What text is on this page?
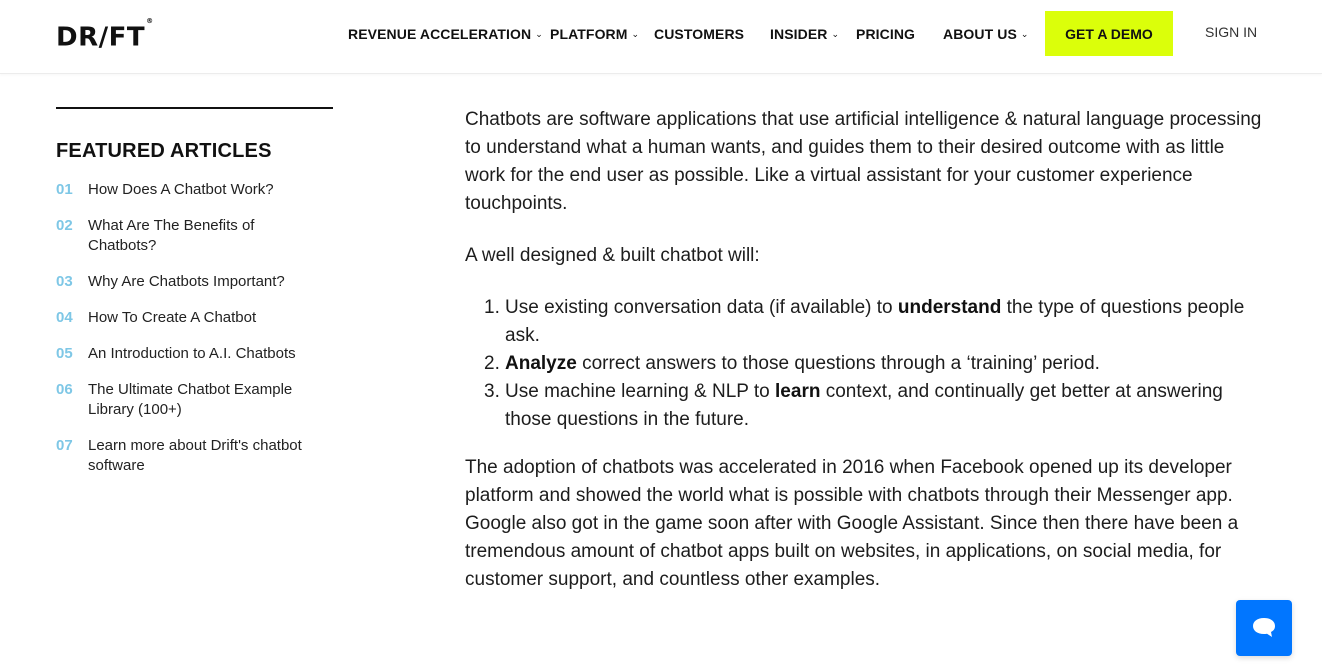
DR∕FT®
REVENUE ACCELERATION ⌄ PLATFORM ⌄ CUSTOMERS INSIDER ⌄ PRICING ABOUT US ⌄	GET A DEMO	SIGN IN
FEATURED ARTICLES
01	How Does A Chatbot Work?
02	What Are The Benefits of Chatbots?
03	Why Are Chatbots Important?
04	How To Create A Chatbot
05	An Introduction to A.I. Chatbots
06	The Ultimate Chatbot Example Library (100+)
07	Learn more about Drift's chatbot software

Chatbots are software applications that use artificial intelligence & natural language processing to understand what a human wants, and guides them to their desired outcome with as little work for the end user as possible. Like a virtual assistant for your customer experience touchpoints.

A well designed & built chatbot will:

1. Use existing conversation data (if available) to understand the type of questions people ask.
2. Analyze correct answers to those questions through a ‘training’ period.
3. Use machine learning & NLP to learn context, and continually get better at answering those questions in the future.

The adoption of chatbots was accelerated in 2016 when Facebook opened up its developer platform and showed the world what is possible with chatbots through their Messenger app. Google also got in the game soon after with Google Assistant. Since then there have been a tremendous amount of chatbot apps built on websites, in applications, on social media, for customer support, and countless other examples.
